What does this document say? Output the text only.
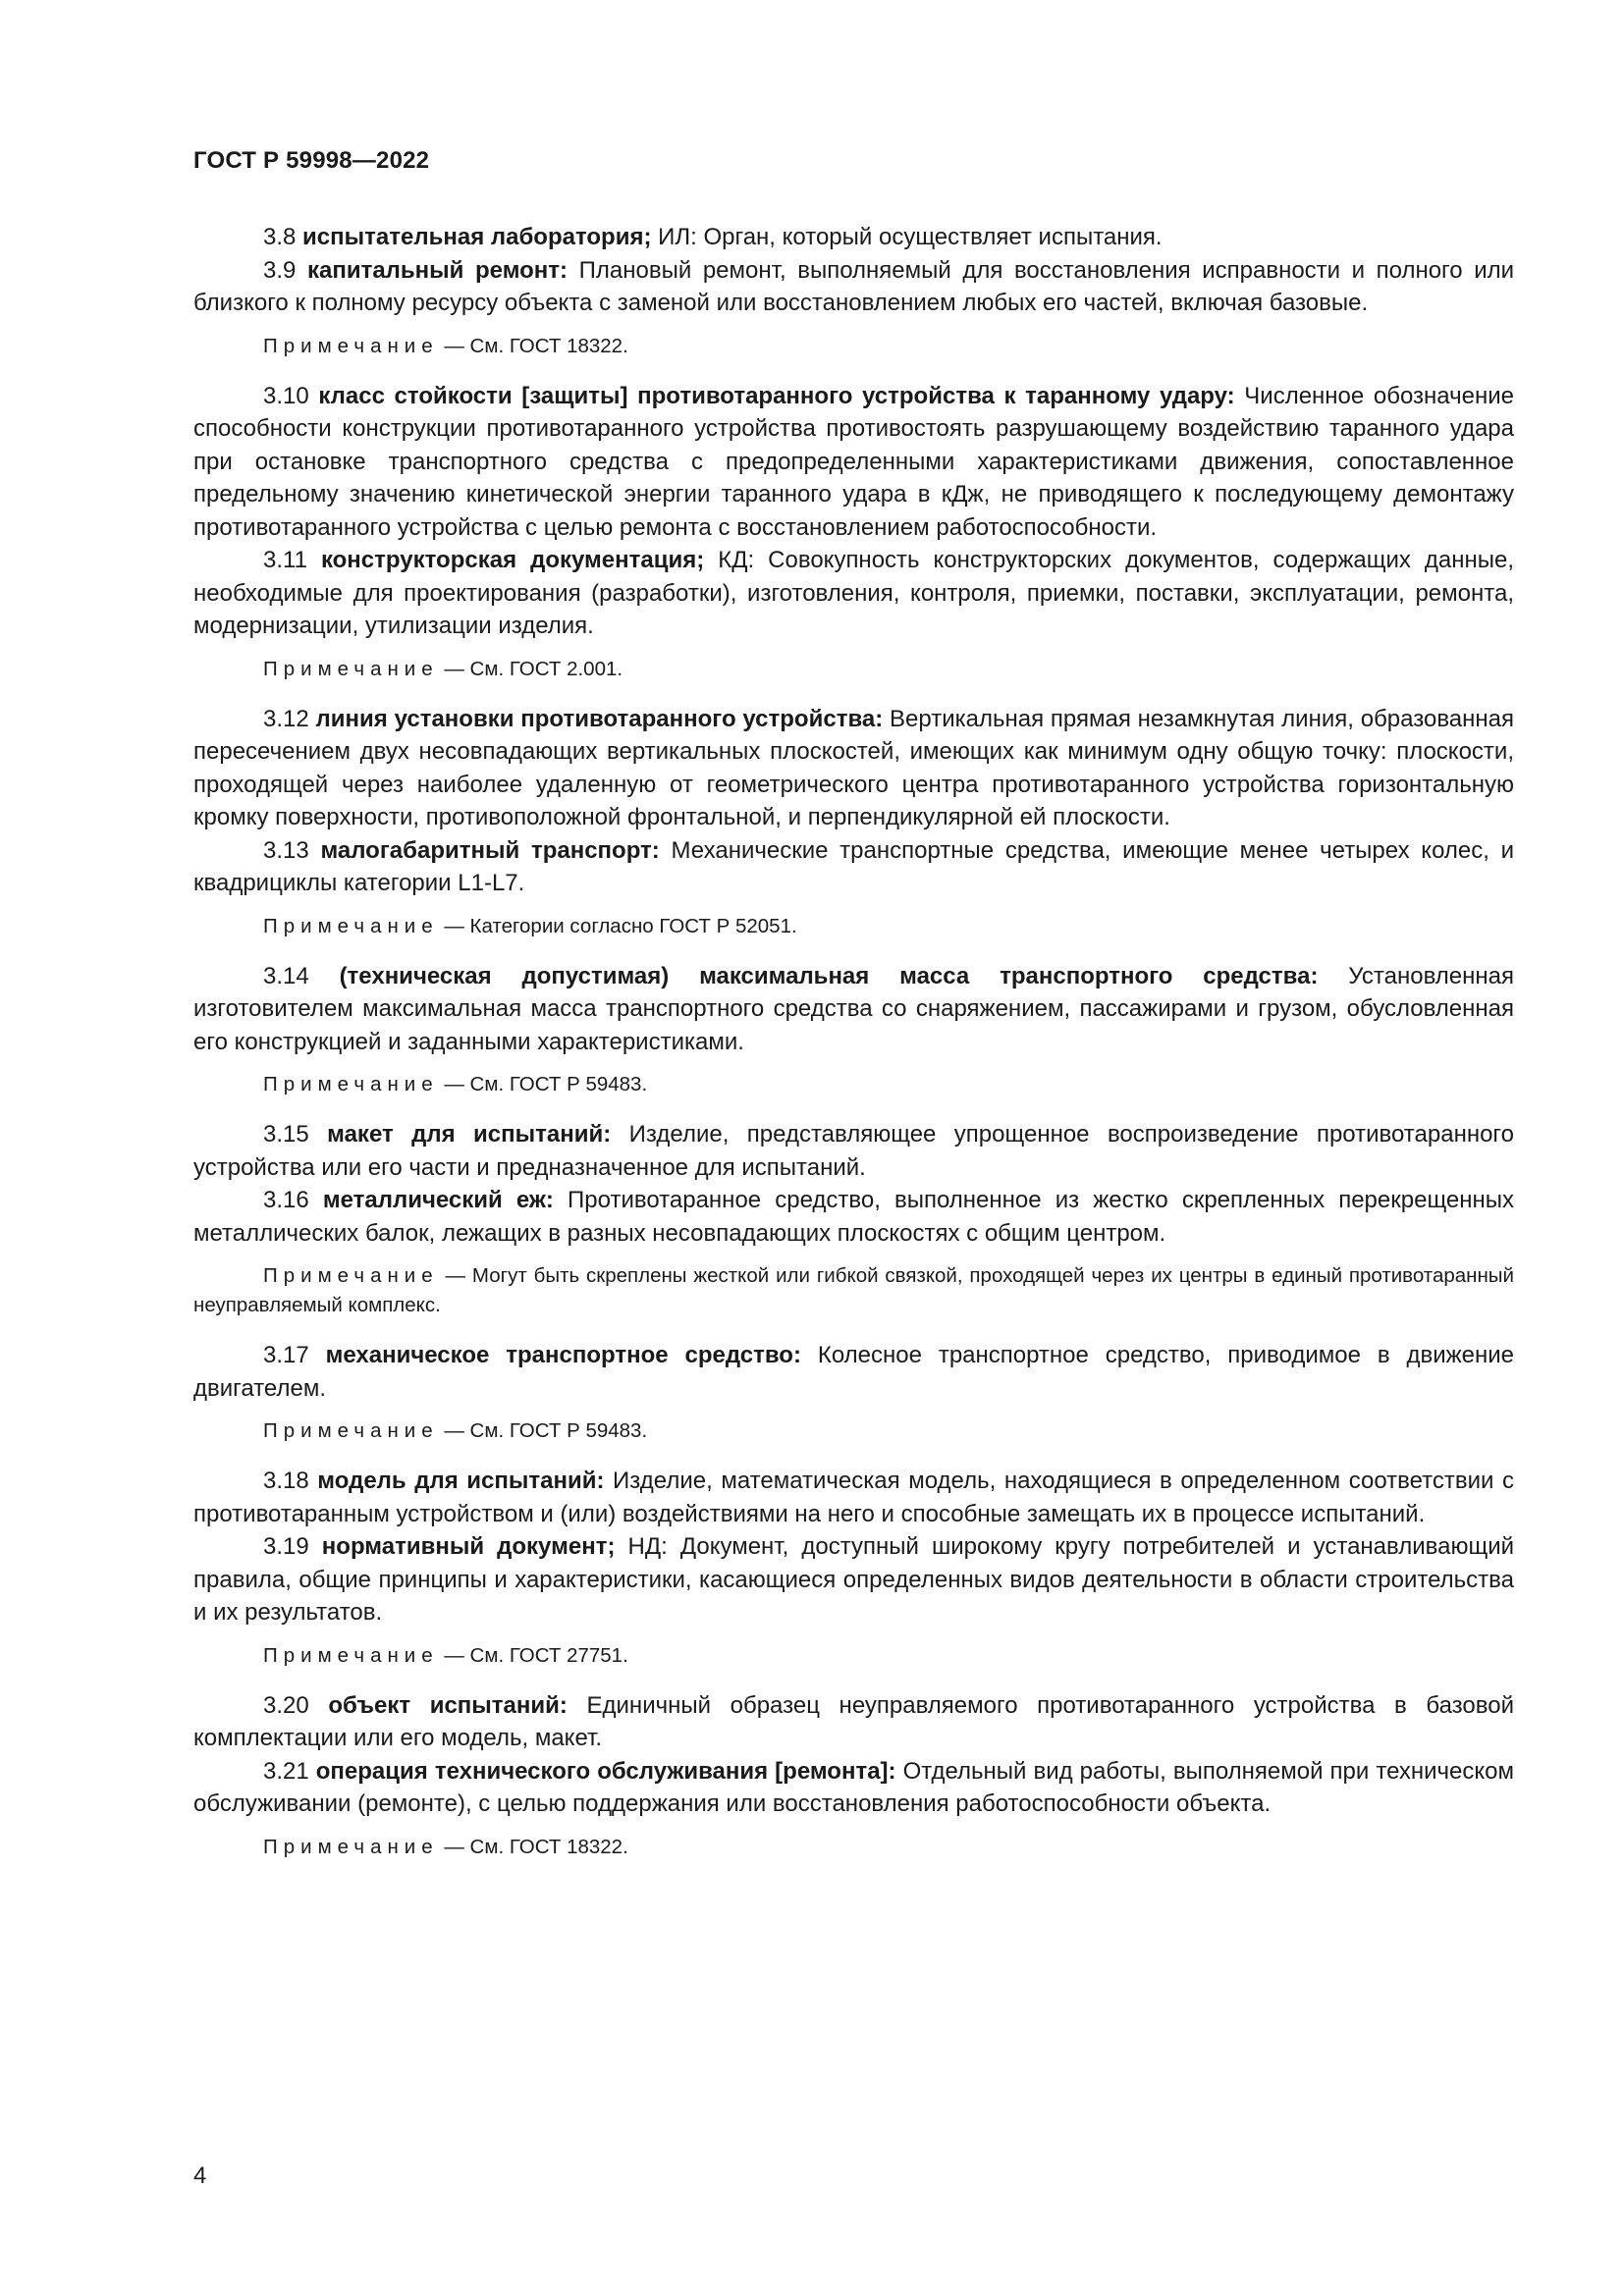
ГОСТ Р 59998—2022

3.8 испытательная лаборатория; ИЛ: Орган, который осуществляет испытания.

3.9 капитальный ремонт: Плановый ремонт, выполняемый для восстановления исправности и полного или близкого к полному ресурсу объекта с заменой или восстановлением любых его частей, включая базовые.

Примечание — См. ГОСТ 18322.

3.10 класс стойкости [защиты] противотаранного устройства к таранному удару: Численное обозначение способности конструкции противотаранного устройства противостоять разрушающему воздействию таранного удара при остановке транспортного средства с предопределенными характеристиками движения, сопоставленное предельному значению кинетической энергии таранного удара в кДж, не приводящего к последующему демонтажу противотаранного устройства с целью ремонта с восстановлением работоспособности.

3.11 конструкторская документация; КД: Совокупность конструкторских документов, содержащих данные, необходимые для проектирования (разработки), изготовления, контроля, приемки, поставки, эксплуатации, ремонта, модернизации, утилизации изделия.

Примечание — См. ГОСТ 2.001.

3.12 линия установки противотаранного устройства: Вертикальная прямая незамкнутая линия, образованная пересечением двух несовпадающих вертикальных плоскостей, имеющих как минимум одну общую точку: плоскости, проходящей через наиболее удаленную от геометрического центра противотаранного устройства горизонтальную кромку поверхности, противоположной фронтальной, и перпендикулярной ей плоскости.

3.13 малогабаритный транспорт: Механические транспортные средства, имеющие менее четырех колес, и квадрициклы категории L1-L7.

Примечание — Категории согласно ГОСТ Р 52051.

3.14 (техническая допустимая) максимальная масса транспортного средства: Установленная изготовителем максимальная масса транспортного средства со снаряжением, пассажирами и грузом, обусловленная его конструкцией и заданными характеристиками.

Примечание — См. ГОСТ Р 59483.

3.15 макет для испытаний: Изделие, представляющее упрощенное воспроизведение противотаранного устройства или его части и предназначенное для испытаний.

3.16 металлический еж: Противотаранное средство, выполненное из жестко скрепленных перекрещенных металлических балок, лежащих в разных несовпадающих плоскостях с общим центром.

Примечание — Могут быть скреплены жесткой или гибкой связкой, проходящей через их центры в единый противотаранный неуправляемый комплекс.

3.17 механическое транспортное средство: Колесное транспортное средство, приводимое в движение двигателем.

Примечание — См. ГОСТ Р 59483.

3.18 модель для испытаний: Изделие, математическая модель, находящиеся в определенном соответствии с противотаранным устройством и (или) воздействиями на него и способные замещать их в процессе испытаний.

3.19 нормативный документ; НД: Документ, доступный широкому кругу потребителей и устанавливающий правила, общие принципы и характеристики, касающиеся определенных видов деятельности в области строительства и их результатов.

Примечание — См. ГОСТ 27751.

3.20 объект испытаний: Единичный образец неуправляемого противотаранного устройства в базовой комплектации или его модель, макет.

3.21 операция технического обслуживания [ремонта]: Отдельный вид работы, выполняемой при техническом обслуживании (ремонте), с целью поддержания или восстановления работоспособности объекта.

Примечание — См. ГОСТ 18322.

4
